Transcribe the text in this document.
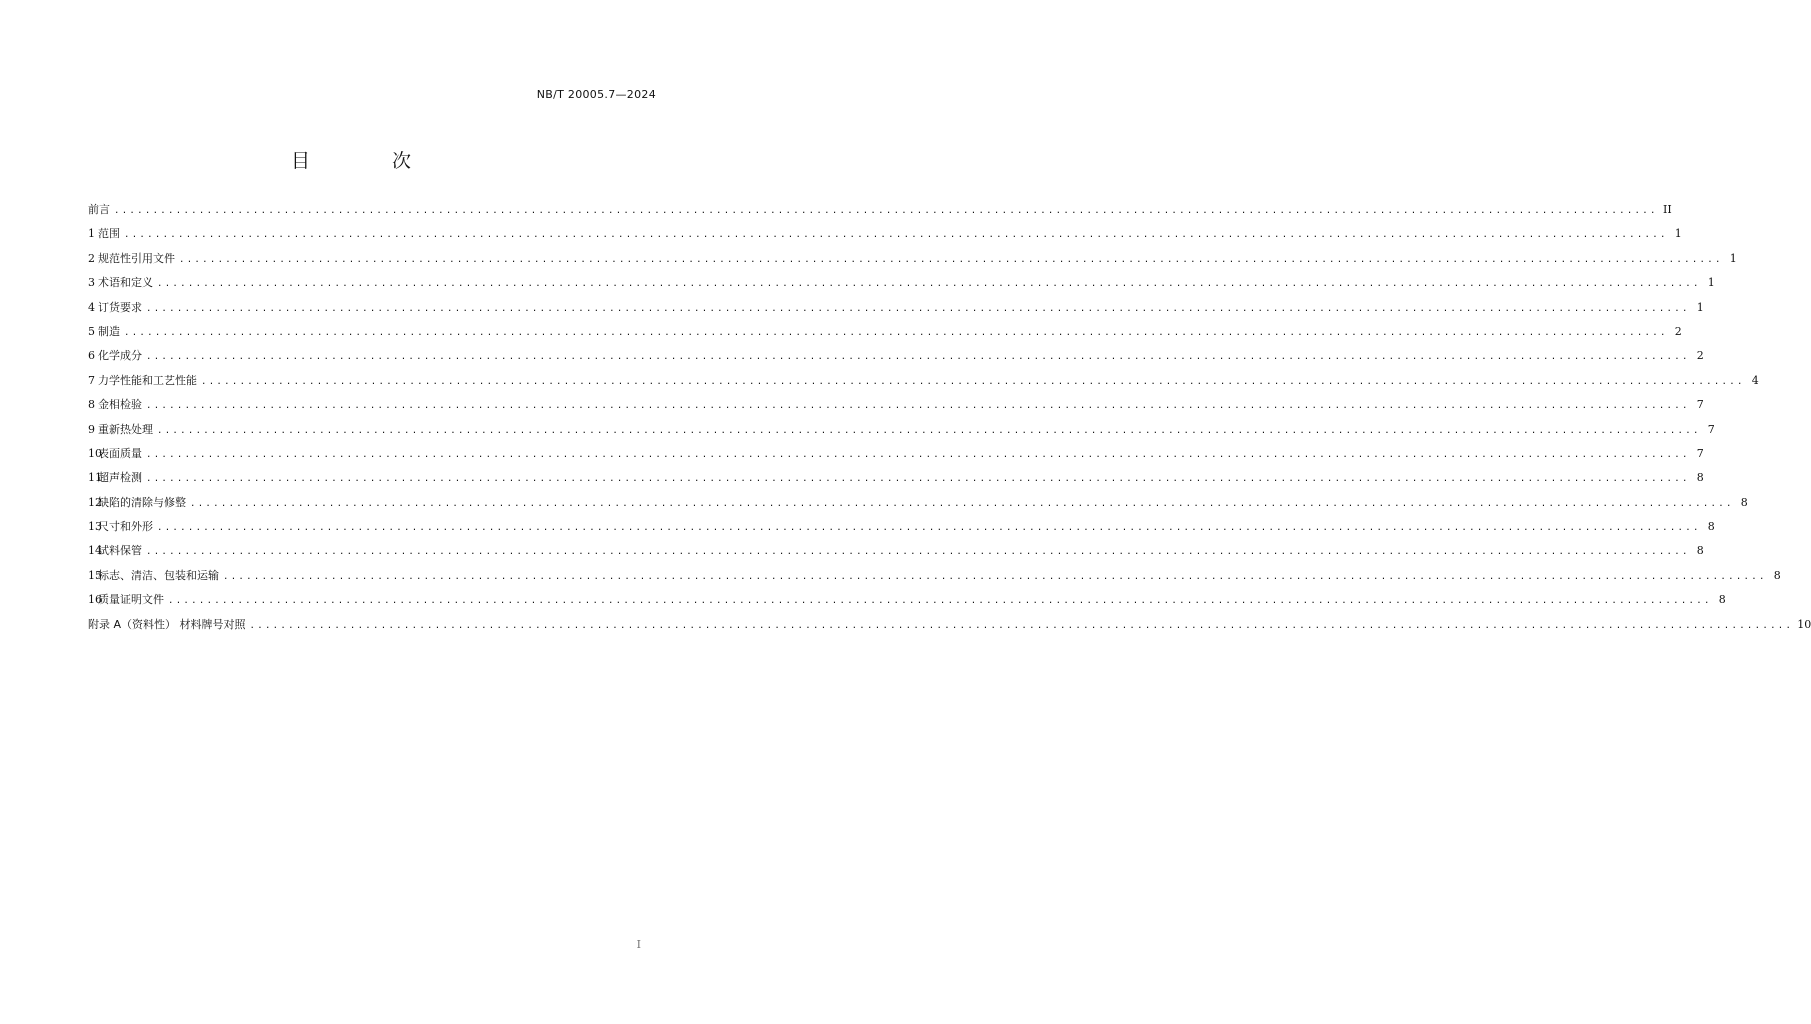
NB/T 20005.7—2024
目 次
前言 ........................................................................................................................................................................................................ II
1 范围 ........................................................................................................................................................................................................ 1
2 规范性引用文件 ........................................................................................................................................................................................................ 1
3 术语和定义 ........................................................................................................................................................................................................ 1
4 订货要求 ........................................................................................................................................................................................................ 1
5 制造 ........................................................................................................................................................................................................ 2
6 化学成分 ........................................................................................................................................................................................................ 2
7 力学性能和工艺性能 ........................................................................................................................................................................................................ 4
8 金相检验 ........................................................................................................................................................................................................ 7
9 重新热处理 ........................................................................................................................................................................................................ 7
10
表面质量 ........................................................................................................................................................................................................ 7
11
超声检测 ........................................................................................................................................................................................................ 8
12
缺陷的清除与修整 ........................................................................................................................................................................................................ 8
13
尺寸和外形 ........................................................................................................................................................................................................ 8
14
试料保管 ........................................................................................................................................................................................................ 8
15
标志、清洁、包装和运输 ........................................................................................................................................................................................................ 8
16
质量证明文件 ........................................................................................................................................................................................................ 8
附录 A（资料性） 材料牌号对照 ........................................................................................................................................................................................................ 10
I
